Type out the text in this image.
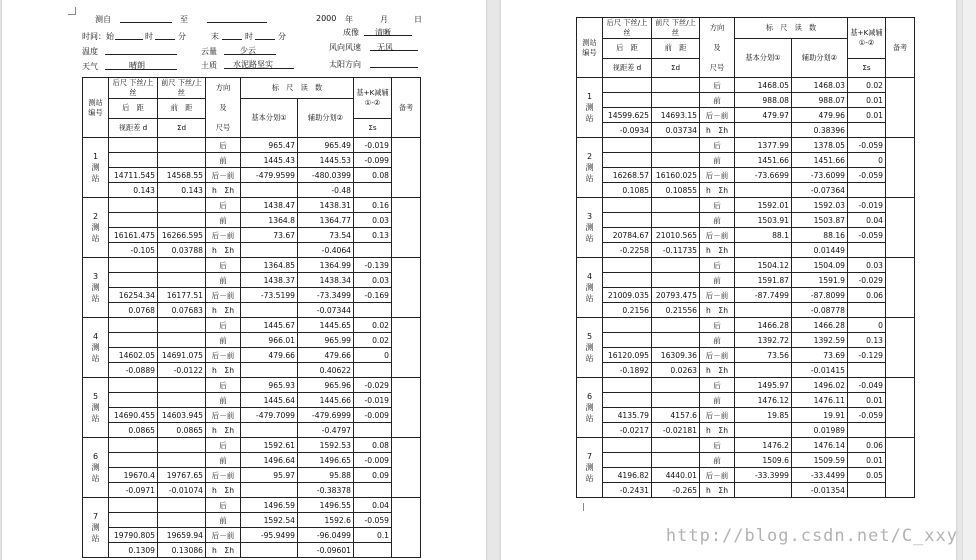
测自	至	2000 年	月	日
时间：始	时	分	末	时	分	成像 清晰
温度	云量	少云	风向风速 无风
天气	晴朗	土质 水泥路坚实	太阳方向
测站编号	后尺 下丝/上丝	前尺 下丝/上丝	方向

及

尺号	标　尺　读　数		基+K减辅①-②	备考
	后　距	前　距		基本分划①	辅助分划②		
	视距差 d	Σd				Σs	
1
测
站			后	965.47	965.49	-0.019	
			前	1445.43	1445.53	-0.099	
	14711.545	14568.55	后－前	-479.9599	-480.0399	0.08	
	0.143	0.143	h　Σh		-0.48		
2
测
站			后	1438.47	1438.31	0.16	
			前	1364.8	1364.77	0.03	
	16161.475	16266.595	后－前	73.67	73.54	0.13	
	-0.105	0.03788	h　Σh		-0.4064		
3
测
站			后	1364.85	1364.99	-0.139	
			前	1438.37	1438.34	0.03	
	16254.34	16177.51	后－前	-73.5199	-73.3499	-0.169	
	0.0768	0.07683	h　Σh		-0.07344		
4
测
站			后	1445.67	1445.65	0.02	
			前	966.01	965.99	0.02	
	14602.05	14691.075	后－前	479.66	479.66	0	
	-0.0889	-0.0122	h　Σh		0.40622		
5
测
站			后	965.93	965.96	-0.029	
			前	1445.64	1445.66	-0.019	
	14690.455	14603.945	后－前	-479.7099	-479.6999	-0.009	
	0.0865	0.0865	h　Σh		-0.4797		
6
测
站			后	1592.61	1592.53	0.08	
			前	1496.64	1496.65	-0.009	
	19670.4	19767.65	后－前	95.97	95.88	0.09	
	-0.0971	-0.01074	h　Σh		-0.38378		
7
测
站			后	1496.59	1496.55	0.04	
			前	1592.54	1592.6	-0.059	
	19790.805	19659.94	后－前	-95.9499	-96.0499	0.1	
	0.1309	0.13086	h　Σh		-0.09601		
测站编号	后尺 下丝/上丝	前尺 下丝/上丝	方向

及

尺号	标　尺　读　数		基+K减辅①-②	备考
	后　距	前　距		基本分划①	辅助分划②		
	视距差 d	Σd				Σs	
1
测
站			后	1468.05	1468.03	0.02	
			前	988.08	988.07	0.01	
	14599.625	14693.15	后－前	479.97	479.96	0.01	
	-0.0934	0.03734	h　Σh		0.38396		
2
测
站			后	1377.99	1378.05	-0.059	
			前	1451.66	1451.66	0	
	16268.57	16160.025	后－前	-73.6699	-73.6099	-0.059	
	0.1085	0.10855	h　Σh		-0.07364		
3
测
站			后	1592.01	1592.03	-0.019	
			前	1503.91	1503.87	0.04	
	20784.67	21010.565	后－前	88.1	88.16	-0.059	
	-0.2258	-0.11735	h　Σh		0.01449		
4
测
站			后	1504.12	1504.09	0.03	
			前	1591.87	1591.9	-0.029	
	21009.035	20793.475	后－前	-87.7499	-87.8099	0.06	
	0.2156	0.21556	h　Σh		-0.08778		
5
测
站			后	1466.28	1466.28	0	
			前	1392.72	1392.59	0.13	
	16120.095	16309.36	后－前	73.56	73.69	-0.129	
	-0.1892	0.0263	h　Σh		-0.01415		
6
测
站			后	1495.97	1496.02	-0.049	
			前	1476.12	1476.11	0.01	
	4135.79	4157.6	后－前	19.85	19.91	-0.059	
	-0.0217	-0.02181	h　Σh		0.01989		
7
测
站			后	1476.2	1476.14	0.06	
			前	1509.6	1509.59	0.01	
	4196.82	4440.01	后－前	-33.3999	-33.4499	0.05	
	-0.2431	-0.265	h　Σh		-0.01354		
http://blog.csdn.net/C_xxy
